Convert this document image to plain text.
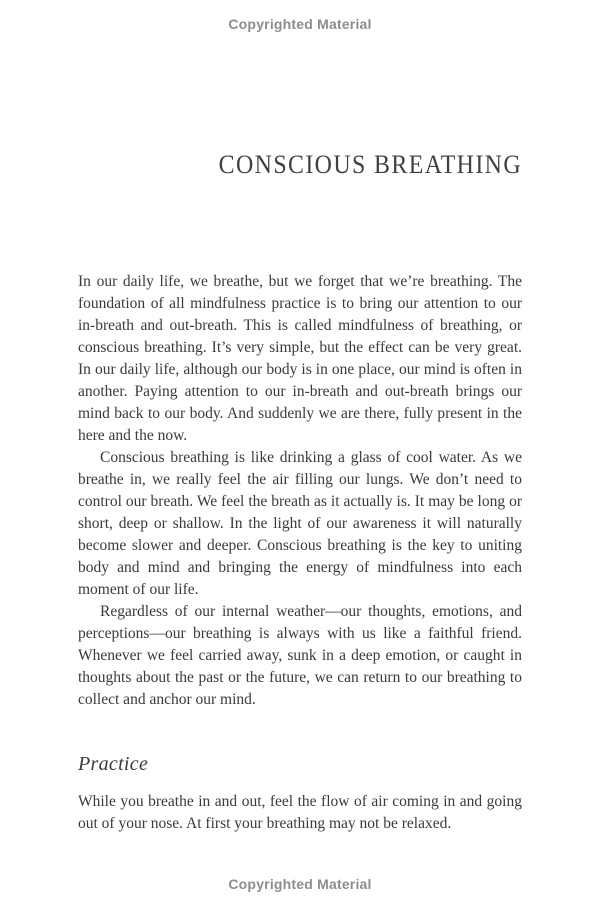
Copyrighted Material
CONSCIOUS BREATHING

In our daily life, we breathe, but we forget that we’re breathing. The foundation of all mindfulness practice is to bring our attention to our in-breath and out-breath. This is called mindfulness of breathing, or conscious breathing. It’s very simple, but the effect can be very great. In our daily life, although our body is in one place, our mind is often in another. Paying attention to our in-breath and out-breath brings our mind back to our body. And suddenly we are there, fully present in the here and the now.

Conscious breathing is like drinking a glass of cool water. As we breathe in, we really feel the air filling our lungs. We don’t need to control our breath. We feel the breath as it actually is. It may be long or short, deep or shallow. In the light of our awareness it will naturally become slower and deeper. Conscious breathing is the key to uniting body and mind and bringing the energy of mindfulness into each moment of our life.

Regardless of our internal weather—our thoughts, emotions, and perceptions—our breathing is always with us like a faithful friend. Whenever we feel carried away, sunk in a deep emotion, or caught in thoughts about the past or the future, we can return to our breathing to collect and anchor our mind.

Practice

While you breathe in and out, feel the flow of air coming in and going out of your nose. At first your breathing may not be relaxed.

Copyrighted Material
